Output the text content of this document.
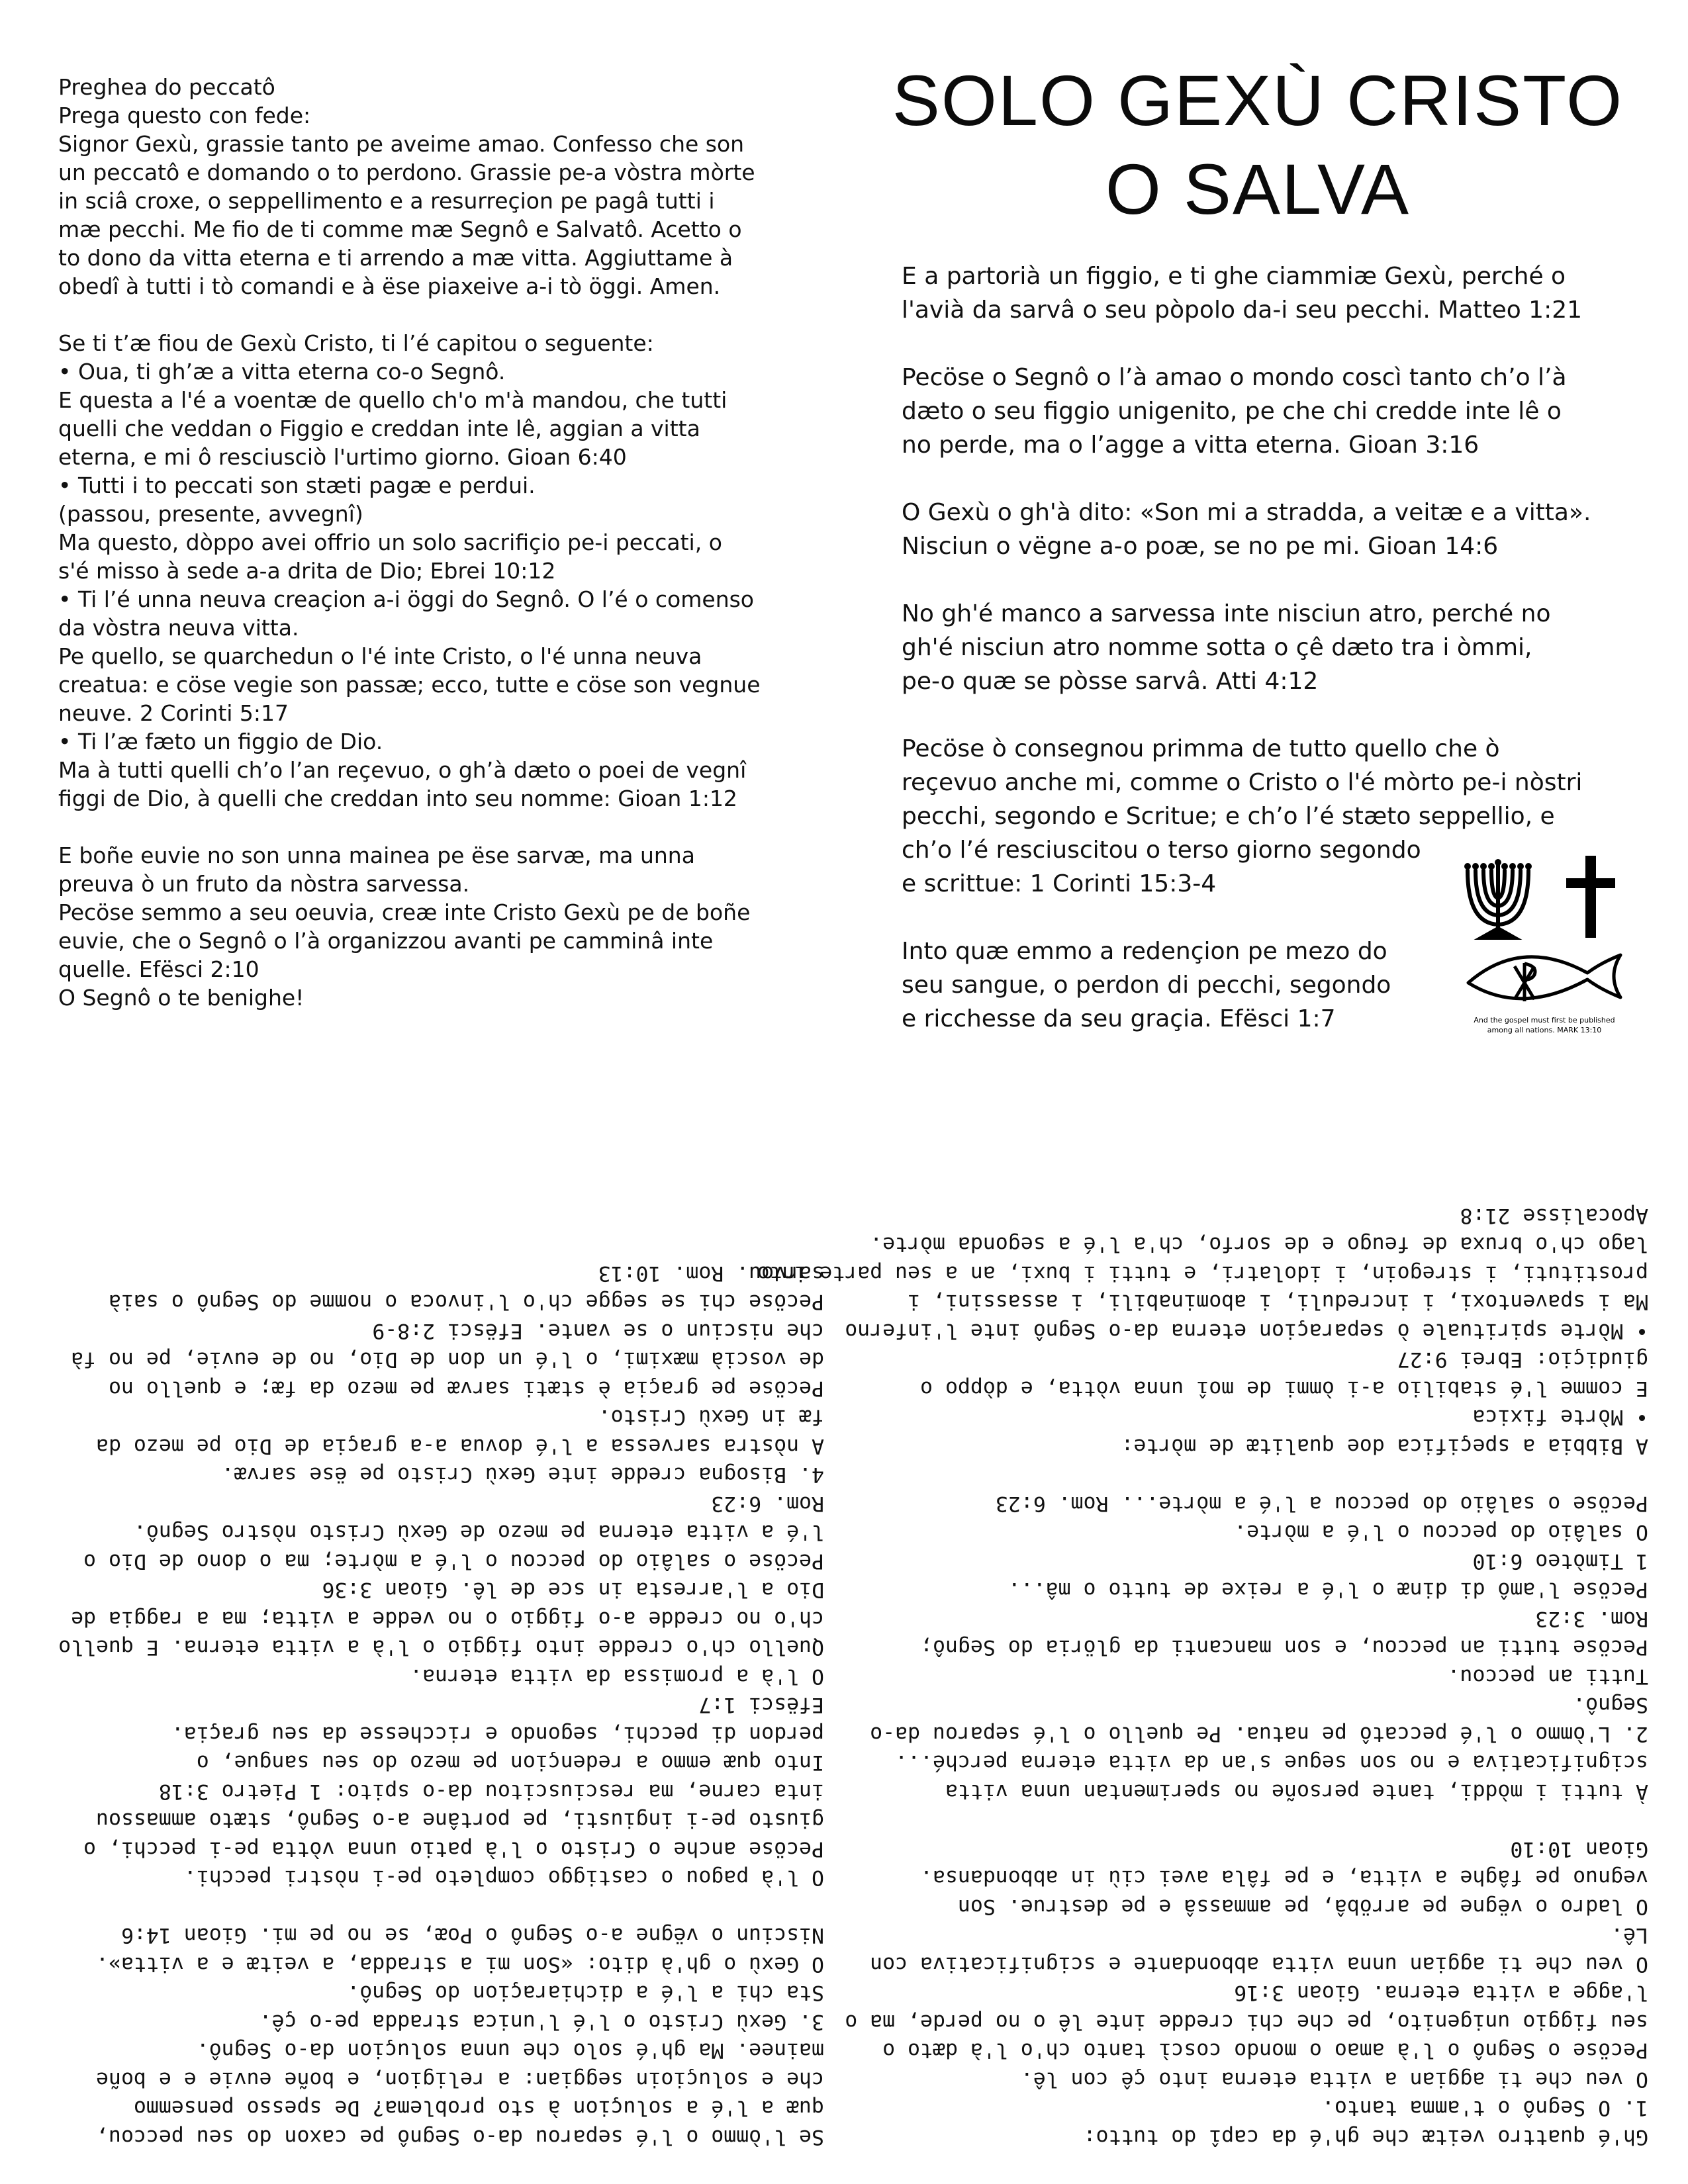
Preghea do peccatô
Prega questo con fede:
Signor Gexù, grassie tanto pe aveime amao. Confesso che son
un peccatô e domando o to perdono. Grassie pe-a vòstra mòrte
in sciâ croxe, o seppellimento e a resurreçion pe pagâ tutti i
mæ pecchi. Me fio de ti comme mæ Segnô e Salvatô. Acetto o
to dono da vitta eterna e ti arrendo a mæ vitta. Aggiuttame à
obedî à tutti i tò comandi e à ëse piaxeive a-i tò öggi. Amen.
Se ti t’æ fiou de Gexù Cristo, ti l’é capitou o seguente:
• Oua, ti gh’æ a vitta eterna co-o Segnô.
E questa a l'é a voentæ de quello ch'o m'à mandou, che tutti
quelli che veddan o Figgio e creddan inte lê, aggian a vitta
eterna, e mi ô resciusciò l'urtimo giorno. Gioan 6:40
• Tutti i to peccati son stæti pagæ e perdui.
(passou, presente, avvegnî)
Ma questo, dòppo avei offrio un solo sacrifiçio pe-i peccati, o
s'é misso à sede a-a drita de Dio; Ebrei 10:12
• Ti l’é unna neuva creaçion a-i öggi do Segnô. O l’é o comenso
da vòstra neuva vitta.
Pe quello, se quarchedun o l'é inte Cristo, o l'é unna neuva
creatua: e cöse vegie son passæ; ecco, tutte e cöse son vegnue
neuve. 2 Corinti 5:17
• Ti l’æ fæto un figgio de Dio.
Ma à tutti quelli ch’o l’an reçevuo, o gh’à dæto o poei de vegnî
figgi de Dio, à quelli che creddan into seu nomme: Gioan 1:12
E boñe euvie no son unna mainea pe ëse sarvæ, ma unna
preuva ò un fruto da nòstra sarvessa.
Pecöse semmo a seu oeuvia, creæ inte Cristo Gexù pe de boñe
euvie, che o Segnô o l’à organizzou avanti pe camminâ inte
quelle. Efësci 2:10
O Segnô o te benighe!
SOLO GEXÙ CRISTO
O SALVA
E a partorià un figgio, e ti ghe ciammiæ Gexù, perché o
l'avià da sarvâ o seu pòpolo da-i seu pecchi. Matteo 1:21
Pecöse o Segnô o l’à amao o mondo coscì tanto ch’o l’à
dæto o seu figgio unigenito, pe che chi credde inte lê o
no perde, ma o l’agge a vitta eterna. Gioan 3:16
O Gexù o gh'à dito: «Son mi a stradda, a veitæ e a vitta».
Nisciun o vëgne a-o poæ, se no pe mi. Gioan 14:6
No gh'é manco a sarvessa inte nisciun atro, perché no
gh'é nisciun atro nomme sotta o çê dæto tra i òmmi,
pe-o quæ se pòsse sarvâ. Atti 4:12
Pecöse ò consegnou primma de tutto quello che ò
reçevuo anche mi, comme o Cristo o l'é mòrto pe-i nòstri
pecchi, segondo e Scritue; e ch’o l’é stæto seppellio, e
ch’o l’é resciuscitou o terso giorno segondo
e scrittue: 1 Corinti 15:3-4
Into quæ emmo a redençion pe mezo do
seu sangue, o perdon di pecchi, segondo
e ricchesse da seu graçia. Efësci 1:7	And the gospel must first be published
among all nations. MARK 13:10
Se l'òmmo o l'é separou da-o Segnô pe caxon do seu peccou,
quæ a l'é a soluçion à sto problema? De spesso pensemmo
che e soluçioin seggian: a religion, e boñe euvie e e boñe
mainee. Ma gh'é solo che unna soluçion da-o Segnô.
3. Gexù Cristo o l'é l'unica stradda pe-o çê.
Sta chi a l'é a dichiaraçion do Segnô.
O Gexù o gh'à dito: «Son mi a stradda, a veitæ e a vitta».
Nisciun o vëgne a-o Segnô o Poæ, se no pe mi. Gioan 14:6
O l'à pagou o castiggo completo pe-i nòstri pecchi.
Pecöse anche o Cristo o l'à patio unna vòtta pe-i pecchi, o
giusto pe-i ingiusti, pe portâne a-o Segnô, stæto ammassou
inta carne, ma resciuscitou da-o spito: 1 Pietro 3:18
Into quæ emmo a redençion pe mezo do seu sangue, o
perdon di pecchi, segondo e ricchesse da seu graçia.
Efësci 1:7
O l'à a promissa da vitta eterna.
Quello ch'o credde into figgio o l'à a vitta eterna. E quello
ch'o no credde a-o figgio o no vedde a vitta; ma a raggia de
Dio a l'arresta in sce de lê. Gioan 3:36
Pecöse o salâio do peccou o l'é a mòrte; ma o dono de Dio o
l'é a vitta eterna pe mezo de Gexù Cristo nòstro Segnô.
Rom. 6:23
4. Bisogna credde inte Gexù Cristo pe ëse sarvæ.
A nòstra sarvessa a l'é dovua a-a graçia de Dio pe mezo da
fæ in Gexù Cristo.
Pecöse pe graçia è stæti sarvæ pe mezo da fæ; e quello no
de voscià mæximi, o l'é un don de Dio, no de euvie, pe no fà
che nisciun o se vante. Efësci 2:8-9
Pecöse chi se segge ch'o l'invoca o nomme do Segnô o saià
sarvou. Rom. 10:13
Gh'é quattro veitæ che gh'é da capî do tutto:
1. O Segnô o t'amma tanto.
O veu che ti aggian a vitta eterna into çê con lê.
Pecöse o Segnô o l'à amao o mondo coscì tanto ch'o l'à dæto o
seu figgio unigenito, pe che chi credde inte lê o no perde, ma o
l'agge a vitta eterna. Gioan 3:16
O veu che ti aggian unna vitta abbondante e scignificativa con
Lê.
O ladro o vëgne pe arröbâ, pe ammassâ e pe destrue. Son
vegnuo pe fâghe a vitta, e pe fâla avei ciù in abbondansa.
Gioan 10:10
À tutti i mòddi, tante persoñe no sperimentan unna vitta
scignificativa e no son segue s'an da vitta eterna perché...
2. L'òmmo o l'é peccatô pe natua. Pe quello o l'é separou da-o
Segnô.
Tutti an peccou.
Pecöse tutti an peccou, e son mancanti da glöria do Segnô;
Rom. 3:23
Pecöse l'amô di dinæ o l'é a reixe de tutto o mâ...
1 Timòteo 6:10
O salâio do peccou o l'é a mòrte.
Pecöse o salâio do peccou a l'é a mòrte... Rom. 6:23
A Bibbia a speçifica doe qualitæ de mòrte:
• Mòrte fixica
E comme l'é stabilio a-i òmmi de moî unna vòtta, e dòppo o
giudiçio: Ebrei 9:27
• Mòrte spirituale ò separaçion eterna da-o Segnô inte l'inferno
Ma i spaventoxi, i increduli, i abominabili, i assassini, i
prostituti, i stregoin, i idolatri, e tutti i buxi, an a seu parte into
lago ch'o bruxa de feugo e de sorfo, ch'a l'é a segonda mòrte.
Apocalisse 21:8
